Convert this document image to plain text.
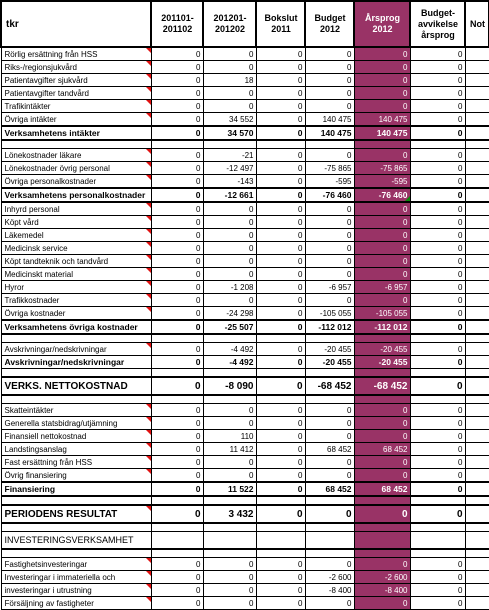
tkr	201101-201102	201201-201202	Bokslut 2011	Budget 2012	Årsprog 2012	Budget-avvikelse årsprog	Not
Rörlig ersättning från HSS	0	0	0	0	0	0	
Riks-/regionsjukvård	0	0	0	0	0	0	
Patientavgifter sjukvård	0	18	0	0	0	0	
Patientavgifter tandvård	0	0	0	0	0	0	
Trafikintäkter	0	0	0	0	0	0	
Övriga intäkter	0	34 552	0	140 475	140 475	0	
Verksamhetens intäkter	0	34 570	0	140 475	140 475	0	

Lönekostnader läkare	0	-21	0	0	0	0	
Lönekostnader övrig personal	0	-12 497	0	-75 865	-75 865	0	
Övriga personalkostnader	0	-143	0	-595	-595	0	
Verksamhetens personalkostnader	0	-12 661	0	-76 460	-76 460	0	
Inhyrd personal	0	0	0	0	0	0	
Köpt vård	0	0	0	0	0	0	
Läkemedel	0	0	0	0	0	0	
Medicinsk service	0	0	0	0	0	0	
Köpt tandteknik och tandvård	0	0	0	0	0	0	
Medicinskt material	0	0	0	0	0	0	
Hyror	0	-1 208	0	-6 957	-6 957	0	
Trafikkostnader	0	0	0	0	0	0	
Övriga kostnader	0	-24 298	0	-105 055	-105 055	0	
Verksamhetens övriga kostnader	0	-25 507	0	-112 012	-112 012	0	

Avskrivningar/nedskrivningar	0	-4 492	0	-20 455	-20 455	0	
Avskrivningar/nedskrivningar	0	-4 492	0	-20 455	-20 455	0	

VERKS. NETTOKOSTNAD	0	-8 090	0	-68 452	-68 452	0	

Skatteintäkter	0	0	0	0	0	0	
Generella statsbidrag/utjämning	0	0	0	0	0	0	
Finansiell nettokostnad	0	110	0	0	0	0	
Landstingsanslag	0	11 412	0	68 452	68 452	0	
Fast ersättning från HSS	0	0	0	0	0	0	
Övrig finansiering	0	0	0	0	0	0	
Finansiering	0	11 522	0	68 452	68 452	0	

PERIODENS RESULTAT	0	3 432	0	0	0	0	

INVESTERINGSVERKSAMHET							

Fastighetsinvesteringar	0	0	0	0	0	0	
Investeringar i immateriella och	0	0	0	-2 600	-2 600	0	
investeringar i utrustning	0	0	0	-8 400	-8 400	0	
Försäljning av fastigheter	0	0	0	0	0	0	
